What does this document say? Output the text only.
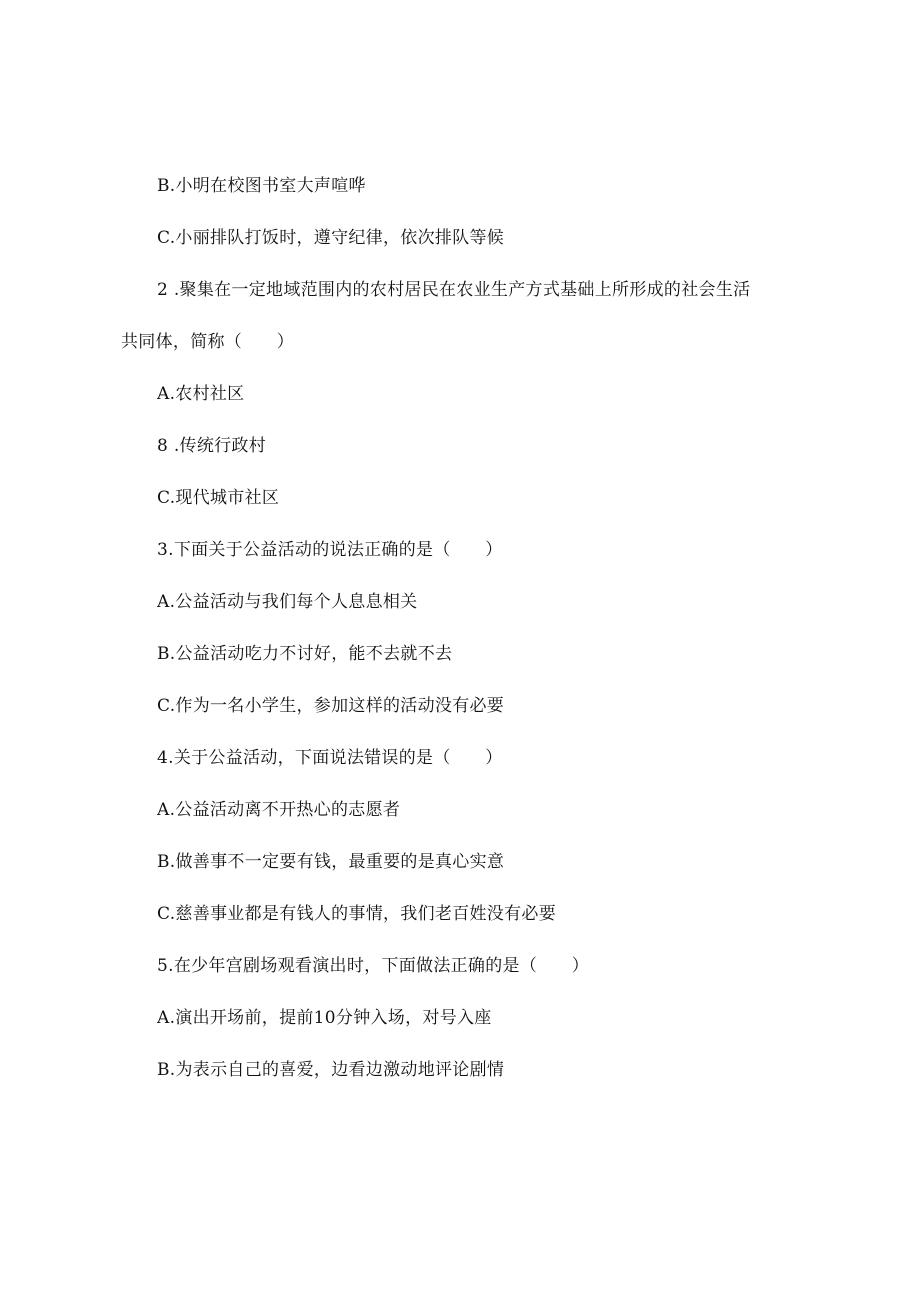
B.小明在校图书室大声喧哗
C.小丽排队打饭时，遵守纪律，依次排队等候
2 .聚集在一定地域范围内的农村居民在农业生产方式基础上所形成的社会生活
共同体，简称（　　）
A.农村社区
8 .传统行政村
C.现代城市社区
3.下面关于公益活动的说法正确的是（　　）
A.公益活动与我们每个人息息相关
B.公益活动吃力不讨好，能不去就不去
C.作为一名小学生，参加这样的活动没有必要
4.关于公益活动，下面说法错误的是（　　）
A.公益活动离不开热心的志愿者
B.做善事不一定要有钱，最重要的是真心实意
C.慈善事业都是有钱人的事情，我们老百姓没有必要
5.在少年宫剧场观看演出时，下面做法正确的是（　　）
A.演出开场前，提前10分钟入场，对号入座
B.为表示自己的喜爱，边看边激动地评论剧情
